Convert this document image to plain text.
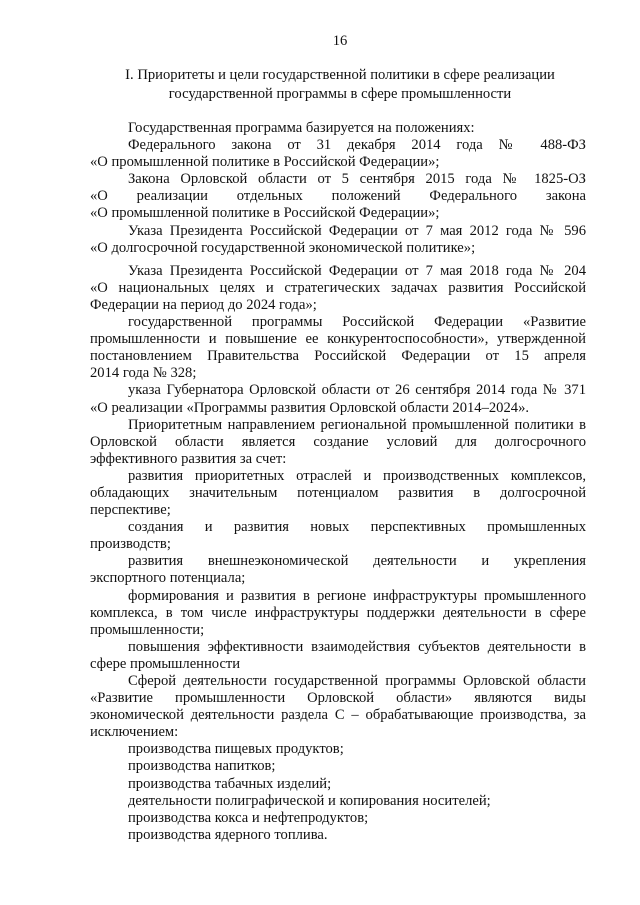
16
I. Приоритеты и цели государственной политики в сфере реализации
государственной программы в сфере промышленности
Государственная программа базируется на положениях:
Федерального закона от 31 декабря 2014 года № 488-ФЗ
«О промышленной политике в Российской Федерации»;
Закона Орловской области от 5 сентября 2015 года № 1825-ОЗ
«О реализации отдельных положений Федерального закона
«О промышленной политике в Российской Федерации»;
Указа Президента Российской Федерации от 7 мая 2012 года № 596
«О долгосрочной государственной экономической политике»;
Указа Президента Российской Федерации от 7 мая 2018 года № 204
«О национальных целях и стратегических задачах развития Российской
Федерации на период до 2024 года»;
государственной программы Российской Федерации «Развитие
промышленности и повышение ее конкурентоспособности», утвержденной
постановлением Правительства Российской Федерации от 15 апреля
2014 года № 328;
указа Губернатора Орловской области от 26 сентября 2014 года № 371
«О реализации «Программы развития Орловской области 2014–2024».
Приоритетным направлением региональной промышленной политики в
Орловской области является создание условий для долгосрочного
эффективного развития за счет:
развития приоритетных отраслей и производственных комплексов,
обладающих значительным потенциалом развития в долгосрочной
перспективе;
создания и развития новых перспективных промышленных
производств;
развития внешнеэкономической деятельности и укрепления
экспортного потенциала;
формирования и развития в регионе инфраструктуры промышленного
комплекса, в том числе инфраструктуры поддержки деятельности в сфере
промышленности;
повышения эффективности взаимодействия субъектов деятельности в
сфере промышленности
Сферой деятельности государственной программы Орловской области
«Развитие промышленности Орловской области» являются виды
экономической деятельности раздела С – обрабатывающие производства, за
исключением:
производства пищевых продуктов;
производства напитков;
производства табачных изделий;
деятельности полиграфической и копирования носителей;
производства кокса и нефтепродуктов;
производства ядерного топлива.
